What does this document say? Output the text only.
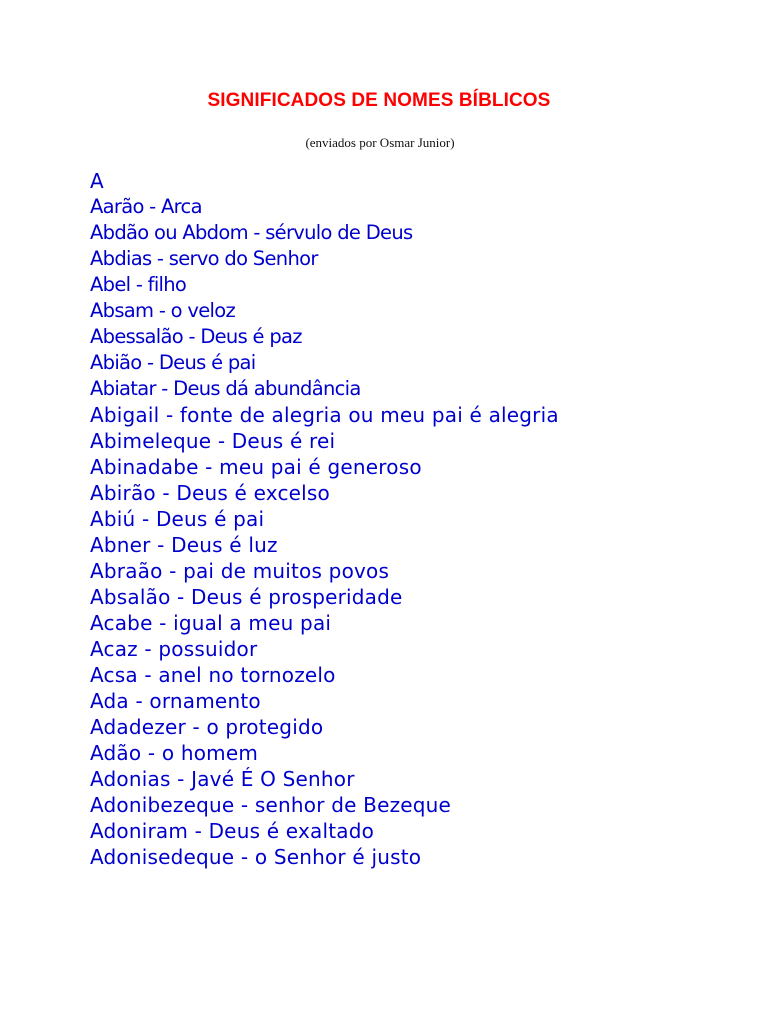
SIGNIFICADOS DE NOMES BÍBLICOS

(enviados por Osmar Junior)

A
Aarão - Arca
Abdão ou Abdom - sérvulo de Deus
Abdias - servo do Senhor
Abel - filho
Absam - o veloz
Abessalão - Deus é paz
Abião - Deus é pai
Abiatar - Deus dá abundância
Abigail - fonte de alegria ou meu pai é alegria
Abimeleque - Deus é rei
Abinadabe - meu pai é generoso
Abirão - Deus é excelso
Abiú - Deus é pai
Abner - Deus é luz
Abraão - pai de muitos povos
Absalão - Deus é prosperidade
Acabe - igual a meu pai
Acaz - possuidor
Acsa - anel no tornozelo
Ada - ornamento
Adadezer - o protegido
Adão - o homem
Adonias - Javé É O Senhor
Adonibezeque - senhor de Bezeque
Adoniram - Deus é exaltado
Adonisedeque - o Senhor é justo
